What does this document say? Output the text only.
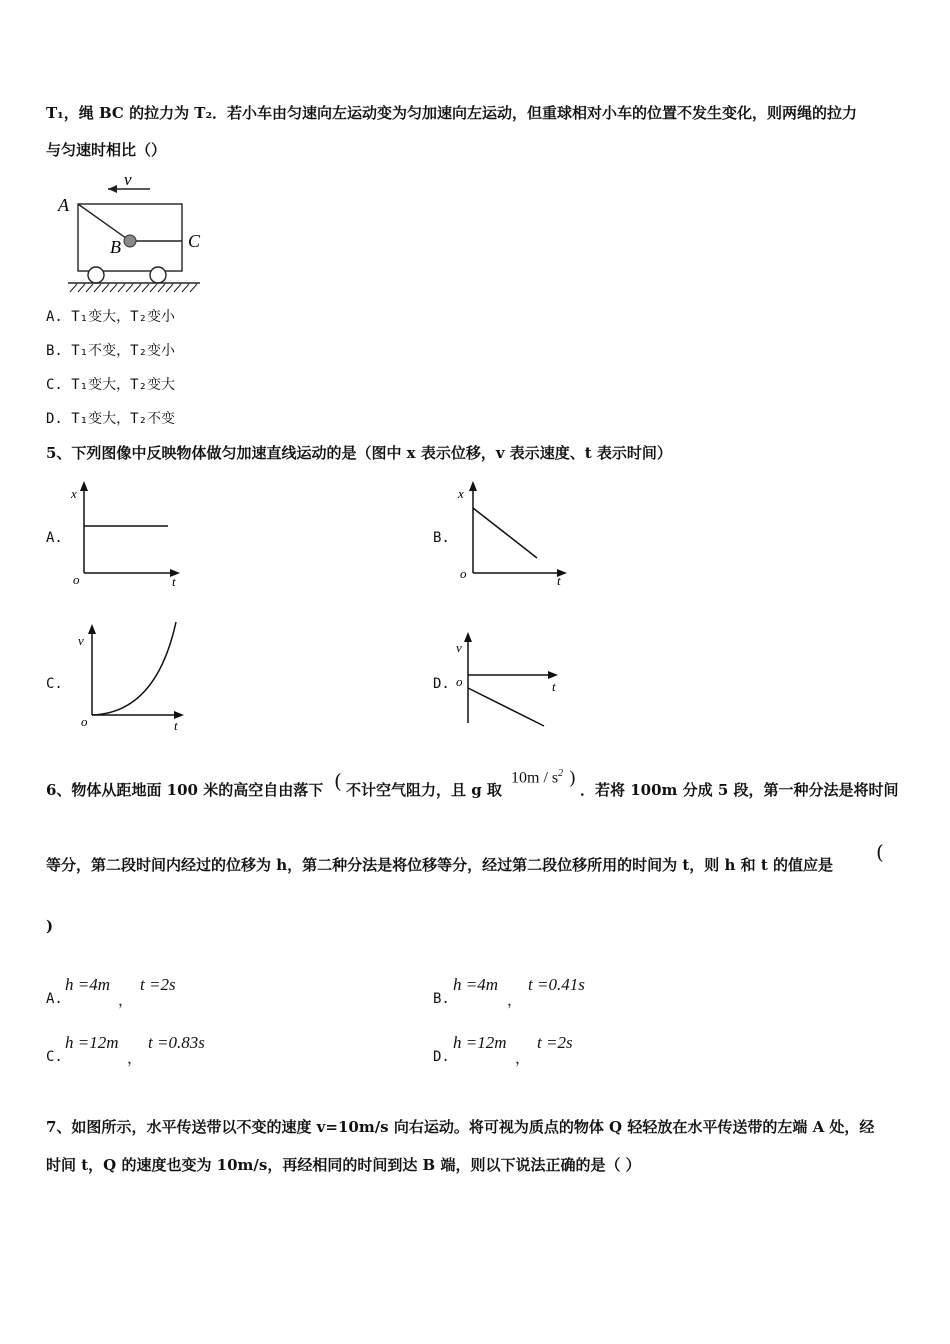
T₁，绳 BC 的拉力为 T₂．若小车由匀速向左运动变为匀加速向左运动，但重球相对小车的位置不发生变化，则两绳的拉力
与匀速时相比（）
v
A
B	C
A. T₁变大，T₂变小
B. T₁不变，T₂变小
C. T₁变大，T₂变大
D. T₁变大，T₂不变
5、下列图像中反映物体做匀加速直线运动的是（图中 x 表示位移，v 表示速度、t 表示时间）
A.
x
t
o
B.
x
t
o
C.
v
t
o
D.
v
t
o
6、物体从距地面 100 米的高空自由落下 ( 不计空气阻力，且 g 取
$10m / s^2$ )
．若将 100m 分成 5 段，第一种分法是将时间
等分，第二段时间内经过的位移为 h，第二种分法是将位移等分，经过第二段位移所用的时间为 t，则 h 和 t 的值应是
(
)
A.
h =4m
，
t =2s
B.
h =4m
，
t =0.41s
C.
h =12m
，
t =0.83s
D.
h =12m
，
t =2s
7、如图所示，水平传送带以不变的速度 v=10m/s 向右运动。将可视为质点的物体 Q 轻轻放在水平传送带的左端 A 处，经
时间 t，Q 的速度也变为 10m/s，再经相同的时间到达 B 端，则以下说法正确的是（ ）
